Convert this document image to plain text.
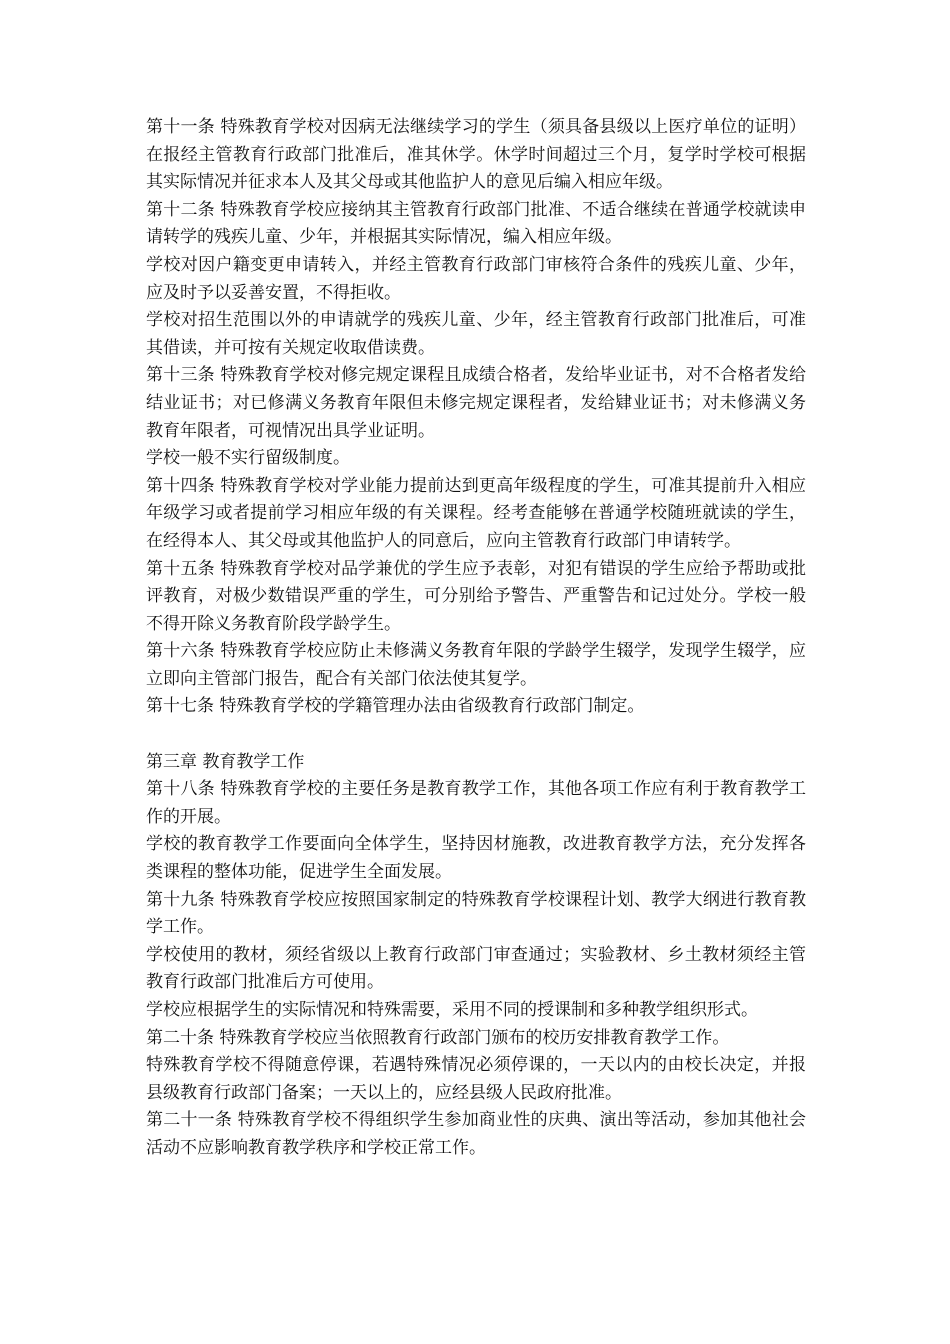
第十一条 特殊教育学校对因病无法继续学习的学生（须具备县级以上医疗单位的证明）在报经主管教育行政部门批准后，准其休学。休学时间超过三个月，复学时学校可根据其实际情况并征求本人及其父母或其他监护人的意见后编入相应年级。

第十二条 特殊教育学校应接纳其主管教育行政部门批准、不适合继续在普通学校就读申请转学的残疾儿童、少年，并根据其实际情况，编入相应年级。

学校对因户籍变更申请转入，并经主管教育行政部门审核符合条件的残疾儿童、少年，应及时予以妥善安置，不得拒收。

学校对招生范围以外的申请就学的残疾儿童、少年，经主管教育行政部门批准后，可准其借读，并可按有关规定收取借读费。

第十三条 特殊教育学校对修完规定课程且成绩合格者，发给毕业证书，对不合格者发给结业证书；对已修满义务教育年限但未修完规定课程者，发给肄业证书；对未修满义务教育年限者，可视情况出具学业证明。

学校一般不实行留级制度。

第十四条 特殊教育学校对学业能力提前达到更高年级程度的学生，可准其提前升入相应年级学习或者提前学习相应年级的有关课程。经考查能够在普通学校随班就读的学生，在经得本人、其父母或其他监护人的同意后，应向主管教育行政部门申请转学。

第十五条 特殊教育学校对品学兼优的学生应予表彰，对犯有错误的学生应给予帮助或批评教育，对极少数错误严重的学生，可分别给予警告、严重警告和记过处分。学校一般不得开除义务教育阶段学龄学生。

第十六条 特殊教育学校应防止未修满义务教育年限的学龄学生辍学，发现学生辍学，应立即向主管部门报告，配合有关部门依法使其复学。

第十七条 特殊教育学校的学籍管理办法由省级教育行政部门制定。

第三章 教育教学工作

第十八条 特殊教育学校的主要任务是教育教学工作，其他各项工作应有利于教育教学工作的开展。

学校的教育教学工作要面向全体学生，坚持因材施教，改进教育教学方法，充分发挥各类课程的整体功能，促进学生全面发展。

第十九条 特殊教育学校应按照国家制定的特殊教育学校课程计划、教学大纲进行教育教学工作。

学校使用的教材，须经省级以上教育行政部门审查通过；实验教材、乡土教材须经主管教育行政部门批准后方可使用。

学校应根据学生的实际情况和特殊需要，采用不同的授课制和多种教学组织形式。

第二十条 特殊教育学校应当依照教育行政部门颁布的校历安排教育教学工作。

特殊教育学校不得随意停课，若遇特殊情况必须停课的，一天以内的由校长决定，并报县级教育行政部门备案；一天以上的，应经县级人民政府批准。

第二十一条 特殊教育学校不得组织学生参加商业性的庆典、演出等活动，参加其他社会活动不应影响教育教学秩序和学校正常工作。
